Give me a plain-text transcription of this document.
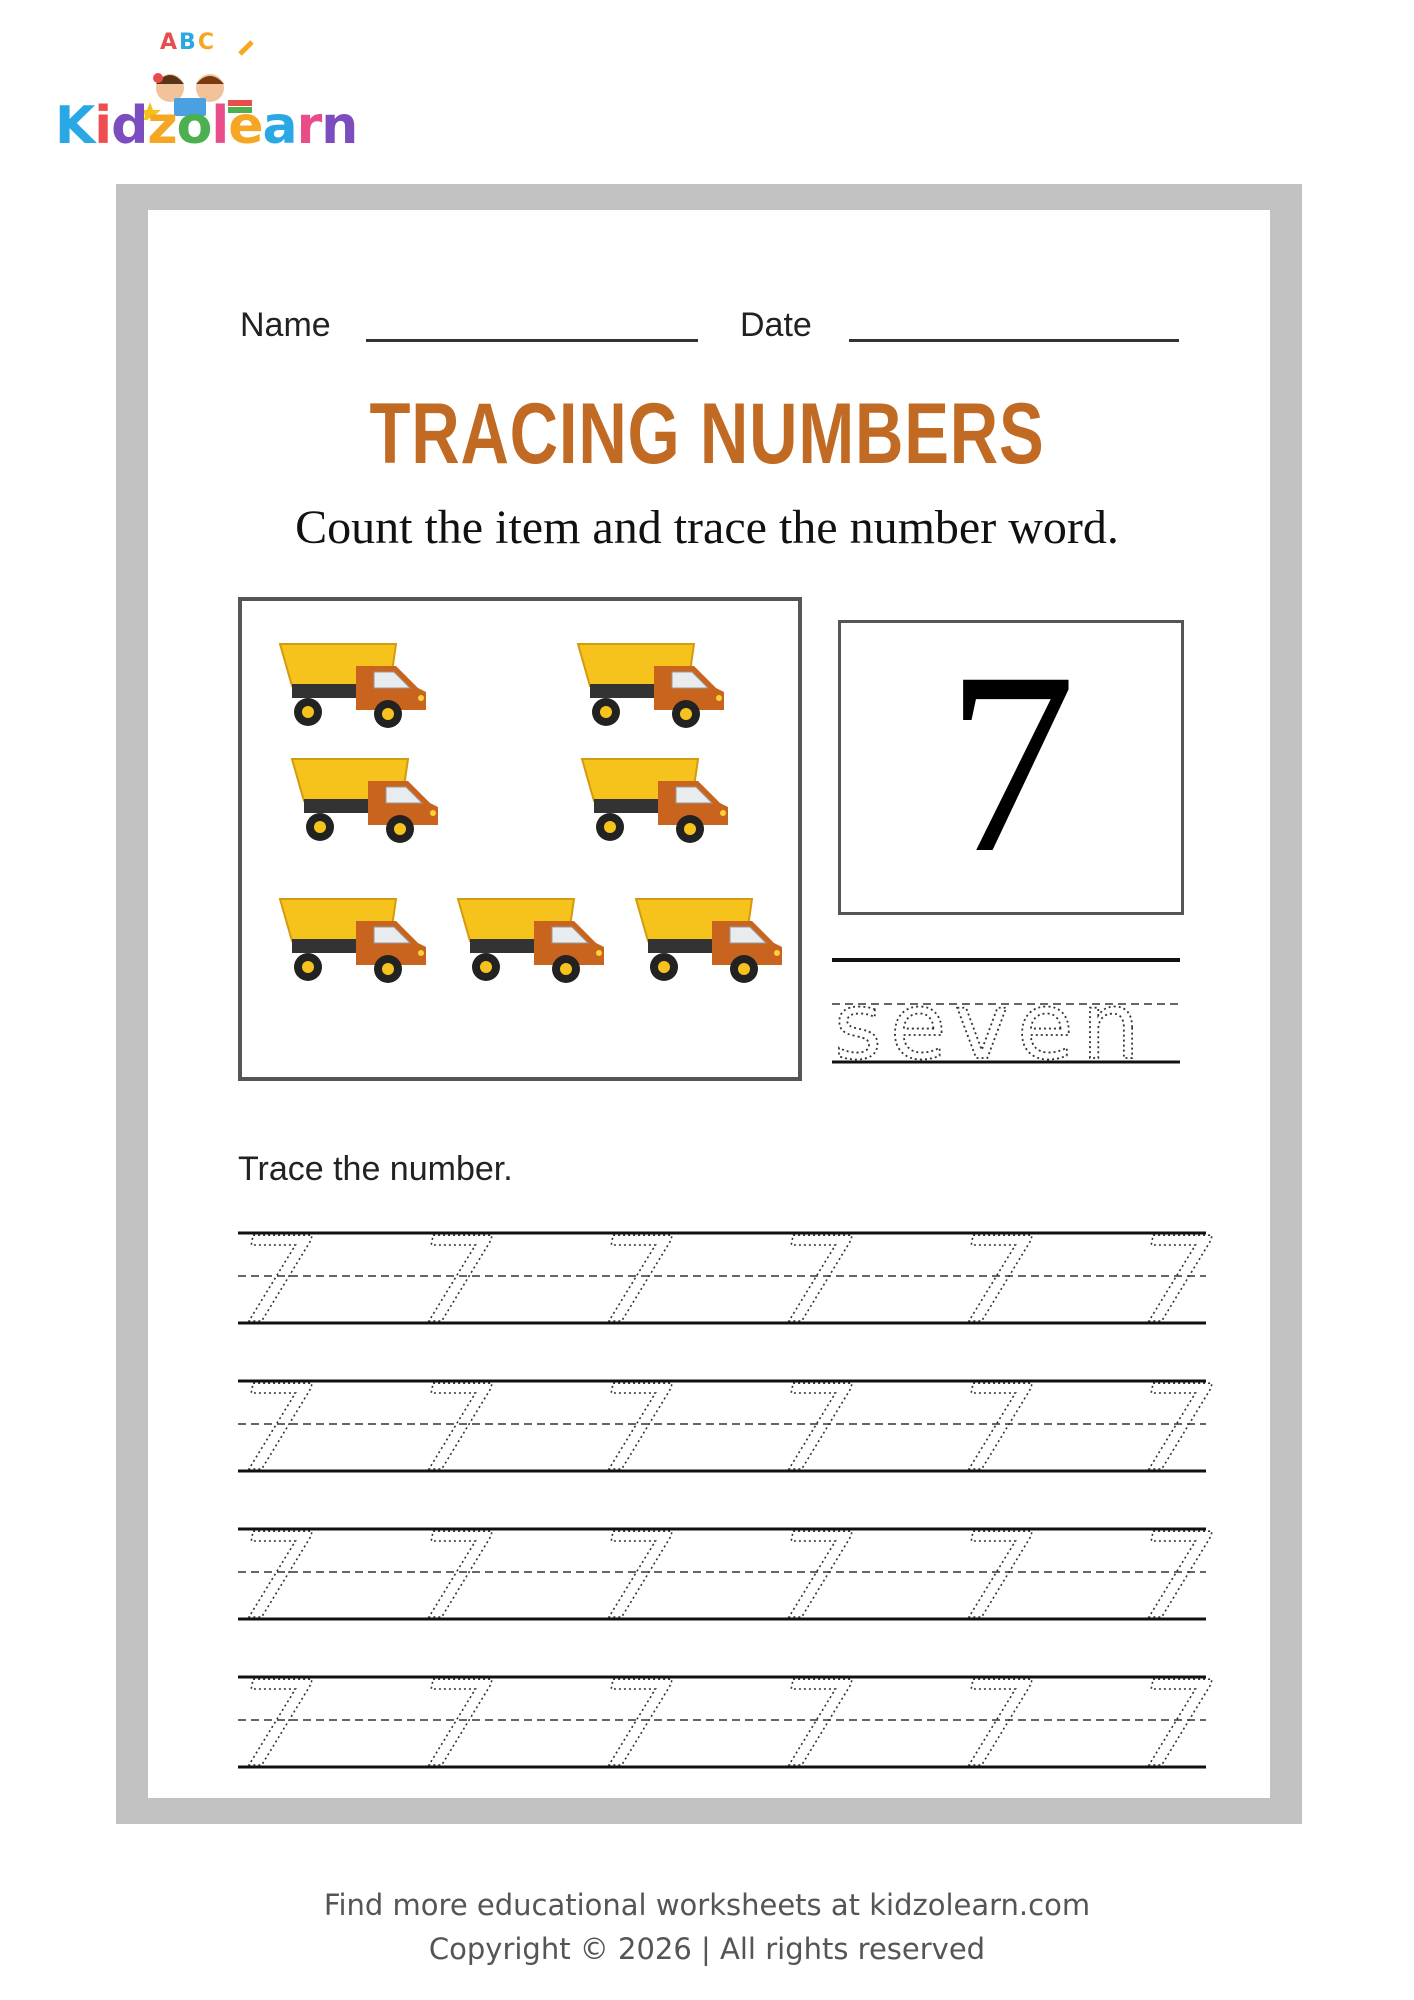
ABC
Kidzolearn
Name	Date
TRACING NUMBERS
Count the item and trace the number word.
7
seven
Trace the number.
7 7 7 7 7 7
7 7 7 7 7 7
7 7 7 7 7 7
7 7 7 7 7 7
Find more educational worksheets at kidzolearn.com
Copyright © 2026 | All rights reserved
